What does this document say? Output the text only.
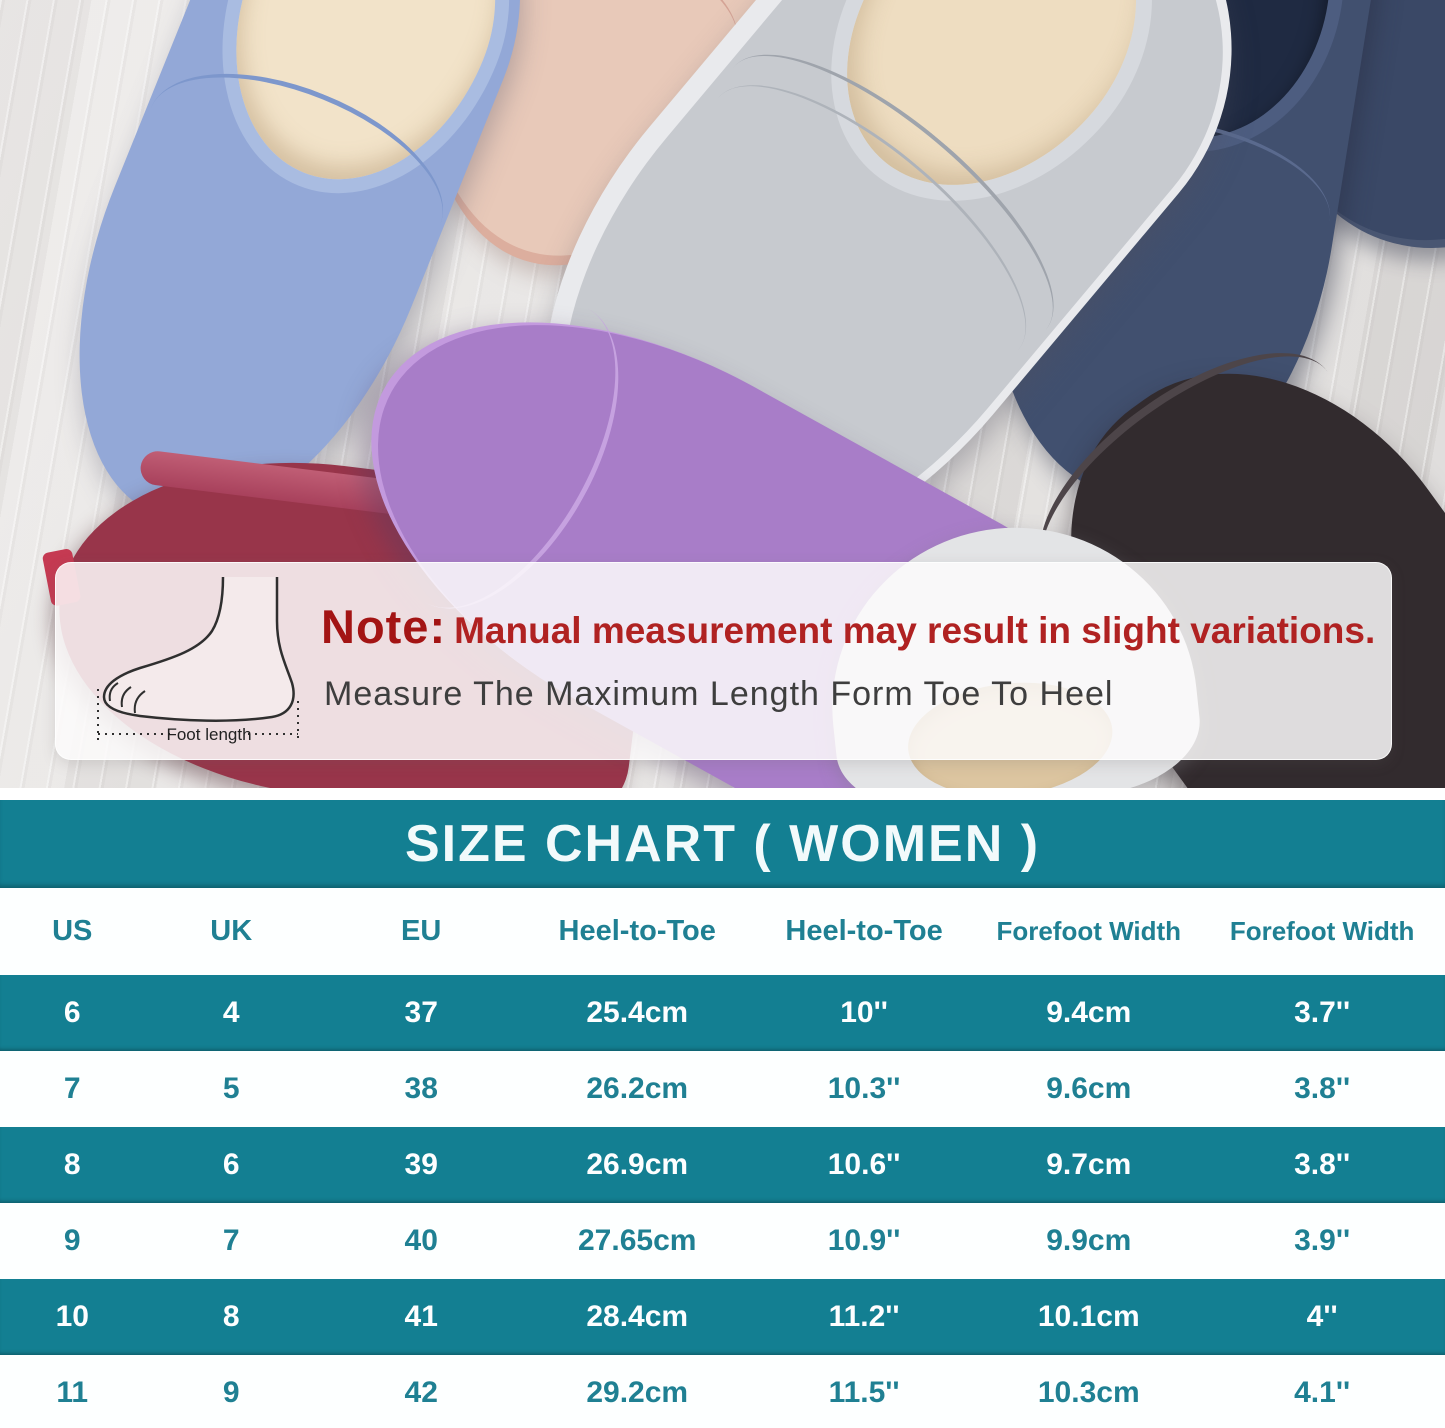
Foot length
Note: Manual measurement may result in slight variations.
Measure The Maximum Length Form Toe To Heel
SIZE CHART ( WOMEN )
US	UK	EU	Heel-to-Toe	Heel-to-Toe	Forefoot Width	Forefoot Width
6	4	37	25.4cm	10''	9.4cm	3.7''
7	5	38	26.2cm	10.3''	9.6cm	3.8''
8	6	39	26.9cm	10.6''	9.7cm	3.8''
9	7	40	27.65cm	10.9''	9.9cm	3.9''
10	8	41	28.4cm	11.2''	10.1cm	4''
11	9	42	29.2cm	11.5''	10.3cm	4.1''
